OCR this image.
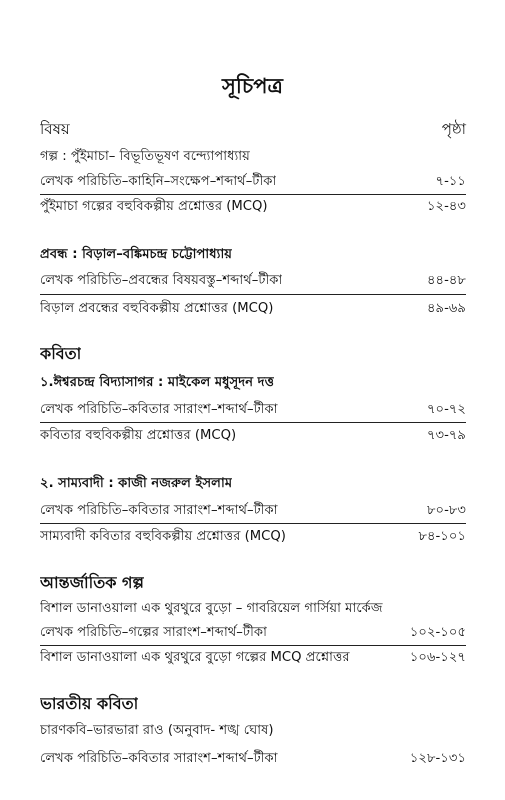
সূচিপত্র
বিষয়	পৃষ্ঠা
গল্প : পুঁইমাচা– বিভূতিভূষণ বন্দ্যোপাধ্যায়
লেখক পরিচিতি–কাহিনি–সংক্ষেপ–শব্দার্থ–টীকা	৭-১১
পুঁইমাচা গল্পের বহুবিকল্পীয় প্রশ্নোত্তর (MCQ)	১২-৪৩
প্রবন্ধ : বিড়াল–বঙ্কিমচন্দ্র চট্টোপাধ্যায়
লেখক পরিচিতি–প্রবন্ধের বিষয়বস্তু–শব্দার্থ–টীকা	৪৪-৪৮
বিড়াল প্রবন্ধের বহুবিকল্পীয় প্রশ্নোত্তর (MCQ)	৪৯-৬৯
কবিতা
১.ঈশ্বরচন্দ্র বিদ্যাসাগর : মাইকেল মধুসূদন দত্ত
লেখক পরিচিতি–কবিতার সারাংশ–শব্দার্থ–টীকা	৭০-৭২
কবিতার বহুবিকল্পীয় প্রশ্নোত্তর (MCQ)	৭৩-৭৯
২. সাম্যবাদী : কাজী নজরুল ইসলাম
লেখক পরিচিতি–কবিতার সারাংশ–শব্দার্থ–টীকা	৮০-৮৩
সাম্যবাদী কবিতার বহুবিকল্পীয় প্রশ্নোত্তর (MCQ)	৮৪-১০১
আন্তর্জাতিক গল্প
বিশাল ডানাওয়ালা এক থুরথুরে বুড়ো – গাবরিয়েল গার্সিয়া মার্কেজ
লেখক পরিচিতি–গল্পের সারাংশ–শব্দার্থ–টীকা	১০২-১০৫
বিশাল ডানাওয়ালা এক থুরথুরে বুড়ো গল্পের MCQ প্রশ্নোত্তর	১০৬-১২৭
ভারতীয় কবিতা
চারণকবি–ভারভারা রাও (অনুবাদ- শঙ্খ ঘোষ)
লেখক পরিচিতি–কবিতার সারাংশ–শব্দার্থ–টীকা	১২৮-১৩১
